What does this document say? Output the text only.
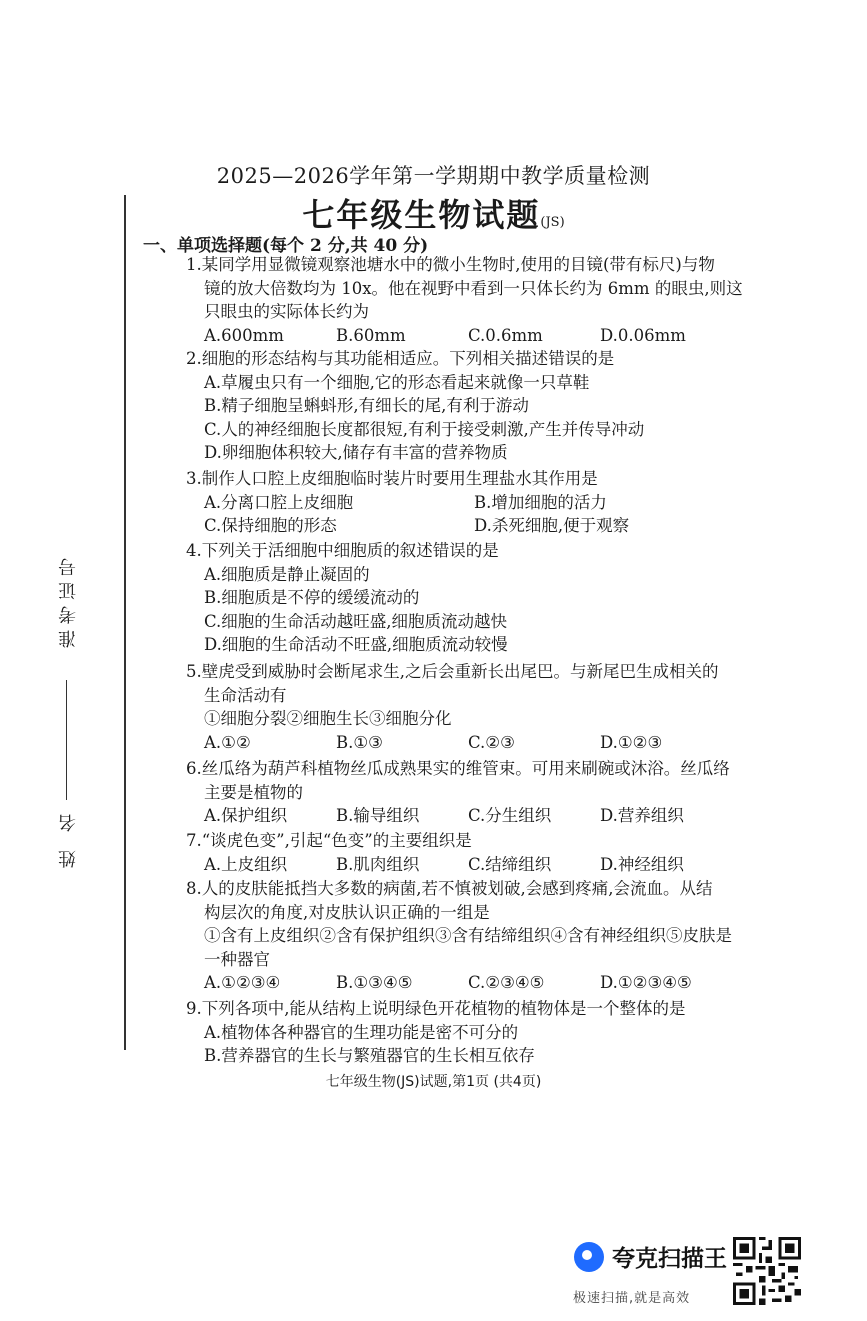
2025—2026学年第一学期期中教学质量检测
七年级生物试题(JS)
准考证号
姓 名
一、单项选择题(每个 2 分,共 40 分)
1.某同学用显微镜观察池塘水中的微小生物时,使用的目镜(带有标尺)与物
镜的放大倍数均为 10x。他在视野中看到一只体长约为 6mm 的眼虫,则这
只眼虫的实际体长约为
A.600mm	B.60mm	C.0.6mm	D.0.06mm
2.细胞的形态结构与其功能相适应。下列相关描述错误的是
A.草履虫只有一个细胞,它的形态看起来就像一只草鞋
B.精子细胞呈蝌蚪形,有细长的尾,有利于游动
C.人的神经细胞长度都很短,有利于接受刺激,产生并传导冲动
D.卵细胞体积较大,储存有丰富的营养物质
3.制作人口腔上皮细胞临时装片时要用生理盐水其作用是
A.分离口腔上皮细胞	B.增加细胞的活力
C.保持细胞的形态	D.杀死细胞,便于观察
4.下列关于活细胞中细胞质的叙述错误的是
A.细胞质是静止凝固的
B.细胞质是不停的缓缓流动的
C.细胞的生命活动越旺盛,细胞质流动越快
D.细胞的生命活动不旺盛,细胞质流动较慢
5.壁虎受到威胁时会断尾求生,之后会重新长出尾巴。与新尾巴生成相关的
生命活动有
①细胞分裂②细胞生长③细胞分化
A.①②	B.①③	C.②③	D.①②③
6.丝瓜络为葫芦科植物丝瓜成熟果实的维管束。可用来刷碗或沐浴。丝瓜络
主要是植物的
A.保护组织	B.输导组织	C.分生组织	D.营养组织
7.“谈虎色变”,引起“色变”的主要组织是
A.上皮组织	B.肌肉组织	C.结缔组织	D.神经组织
8.人的皮肤能抵挡大多数的病菌,若不慎被划破,会感到疼痛,会流血。从结
构层次的角度,对皮肤认识正确的一组是
①含有上皮组织②含有保护组织③含有结缔组织④含有神经组织⑤皮肤是
一种器官
A.①②③④	B.①③④⑤	C.②③④⑤	D.①②③④⑤
9.下列各项中,能从结构上说明绿色开花植物的植物体是一个整体的是
A.植物体各种器官的生理功能是密不可分的
B.营养器官的生长与繁殖器官的生长相互依存
七年级生物(JS)试题,第1页 (共4页)
夸克扫描王
极速扫描,就是高效
